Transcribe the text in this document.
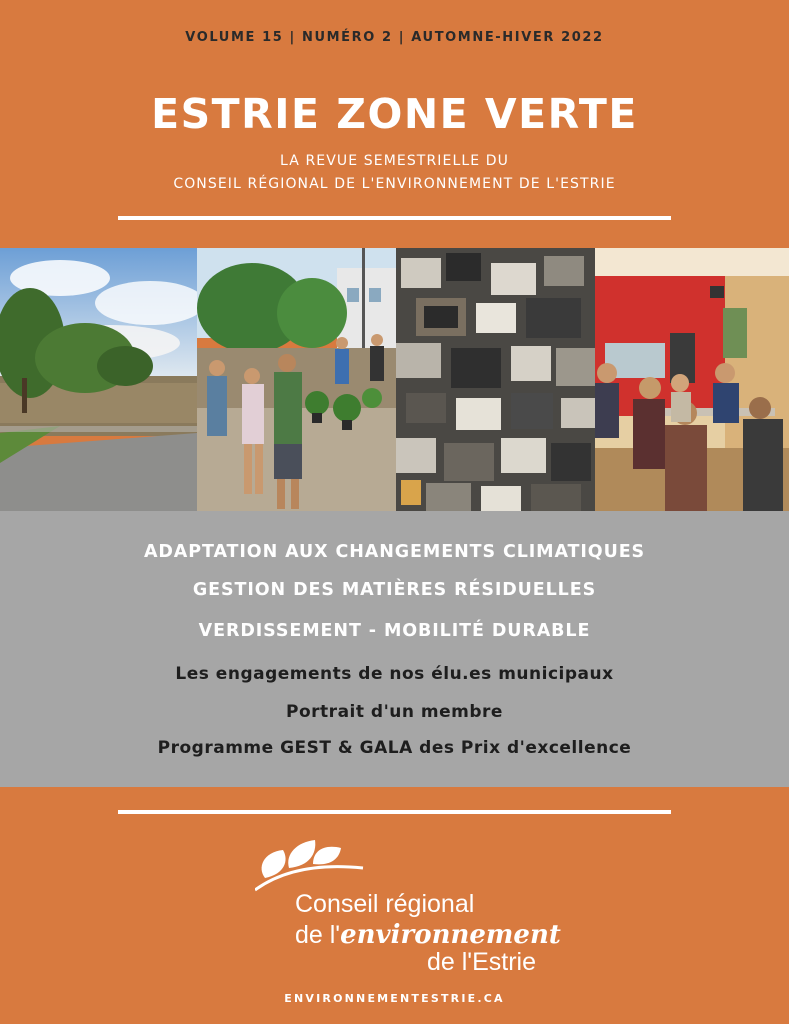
VOLUME 15 | NUMÉRO 2 | AUTOMNE-HIVER 2022
ESTRIE ZONE VERTE
LA REVUE SEMESTRIELLE DU
CONSEIL RÉGIONAL DE L'ENVIRONNEMENT DE L'ESTRIE
ADAPTATION AUX CHANGEMENTS CLIMATIQUES
GESTION DES MATIÈRES RÉSIDUELLES
VERDISSEMENT - MOBILITÉ DURABLE
Les engagements de nos élu.es municipaux
Portrait d'un membre
Programme GEST & GALA des Prix d'excellence
Conseil régional
de l'environnement
de l'Estrie
ENVIRONNEMENTESTRIE.CA
